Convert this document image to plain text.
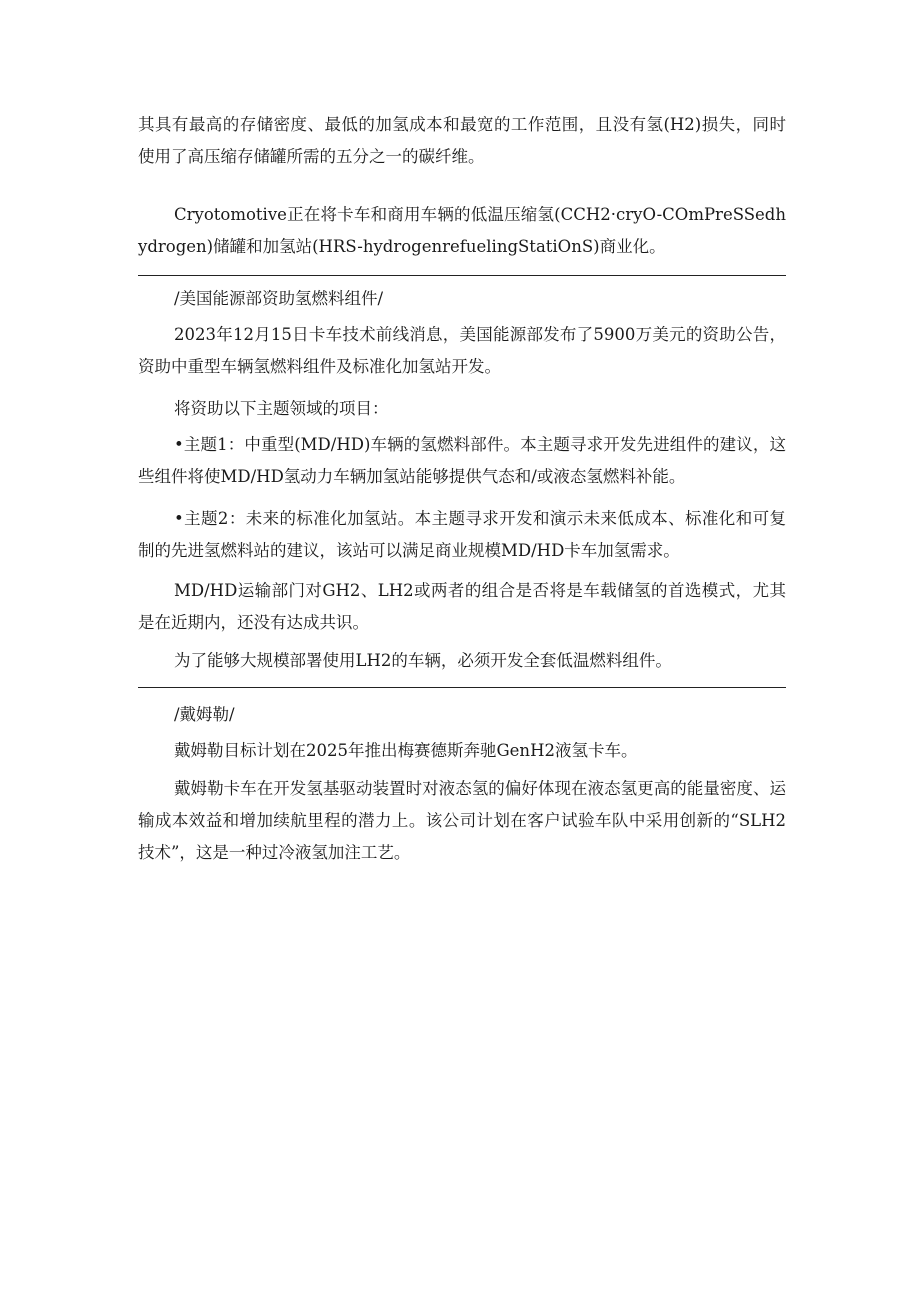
其具有最高的存储密度、最低的加氢成本和最宽的工作范围，且没有氢(H2)损失，同时使用了高压缩存储罐所需的五分之一的碳纤维。

Cryotomotive正在将卡车和商用车辆的低温压缩氢(CCH2·cryO-COmPreSSedhydrogen)储罐和加氢站(HRS-hydrogenrefuelingStatiOnS)商业化。

/美国能源部资助氢燃料组件/

2023年12月15日卡车技术前线消息，美国能源部发布了5900万美元的资助公告，资助中重型车辆氢燃料组件及标准化加氢站开发。

将资助以下主题领域的项目：

•主题1：中重型(MD/HD)车辆的氢燃料部件。本主题寻求开发先进组件的建议，这些组件将使MD/HD氢动力车辆加氢站能够提供气态和/或液态氢燃料补能。

•主题2：未来的标准化加氢站。本主题寻求开发和演示未来低成本、标准化和可复制的先进氢燃料站的建议，该站可以满足商业规模MD/HD卡车加氢需求。

MD/HD运输部门对GH2、LH2或两者的组合是否将是车载储氢的首选模式，尤其是在近期内，还没有达成共识。

为了能够大规模部署使用LH2的车辆，必须开发全套低温燃料组件。

/戴姆勒/

戴姆勒目标计划在2025年推出梅赛德斯奔驰GenH2液氢卡车。

戴姆勒卡车在开发氢基驱动装置时对液态氢的偏好体现在液态氢更高的能量密度、运输成本效益和增加续航里程的潜力上。该公司计划在客户试验车队中采用创新的“SLH2技术”，这是一种过冷液氢加注工艺。
